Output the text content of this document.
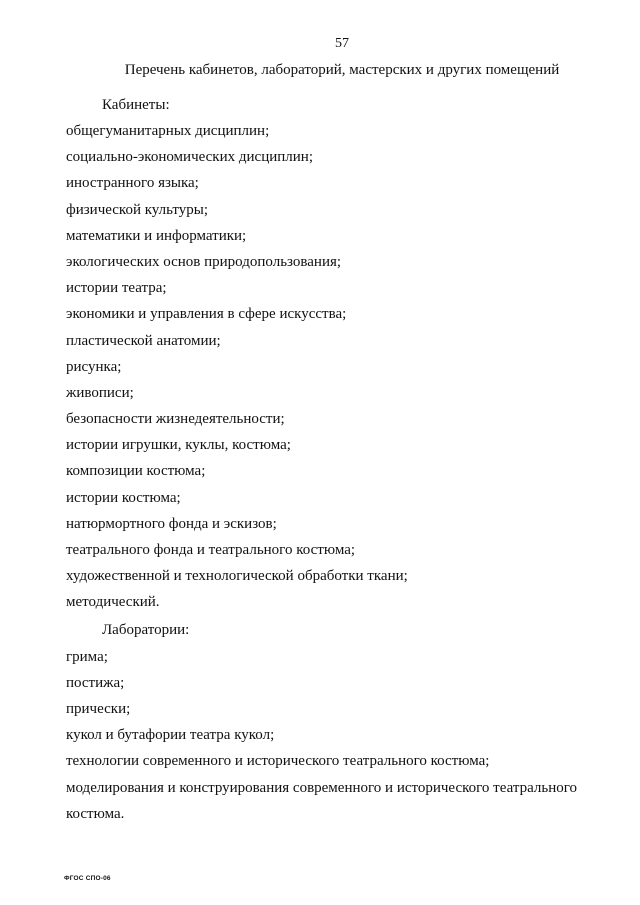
57
Перечень кабинетов, лабораторий, мастерских и других помещений
Кабинеты:
общегуманитарных дисциплин;
социально-экономических дисциплин;
иностранного языка;
физической культуры;
математики и информатики;
экологических основ природопользования;
истории театра;
экономики и управления в сфере искусства;
пластической анатомии;
рисунка;
живописи;
безопасности жизнедеятельности;
истории игрушки, куклы, костюма;
композиции костюма;
истории костюма;
натюрмортного фонда и эскизов;
театрального фонда и театрального костюма;
художественной и технологической обработки ткани;
методический.
Лаборатории:
грима;
постижа;
прически;
кукол и бутафории театра кукол;
технологии современного и исторического театрального костюма;
моделирования и конструирования современного и исторического театрального
костюма.
ФГОС СПО-06
